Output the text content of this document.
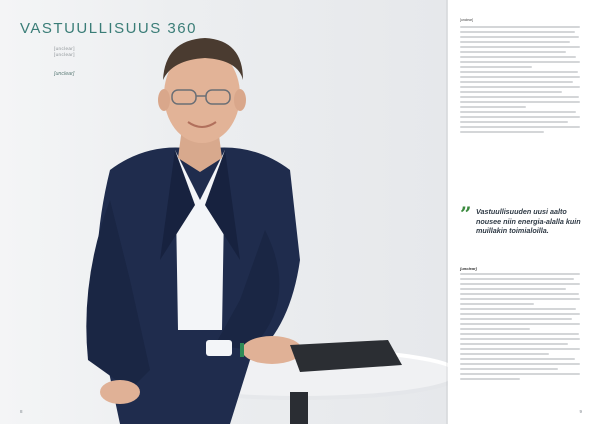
VASTUULLISUUS 360
[unclear]
[unclear]
[unclear]
8
[unclear]
” Vastuullisuuden uusi aalto nousee niin energia-alalla kuin muillakin toimialoilla.
[unclear]
9
